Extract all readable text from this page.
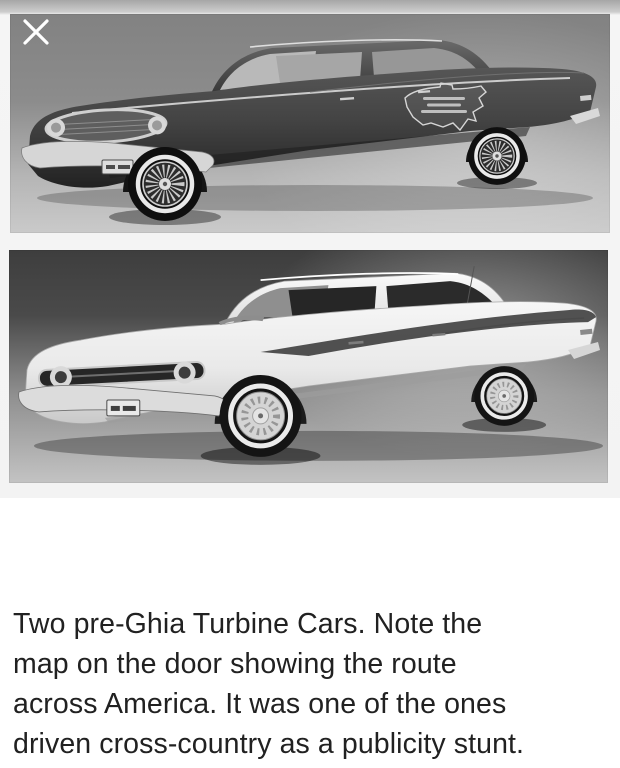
Two pre-Ghia Turbine Cars. Note the
map on the door showing the route
across America. It was one of the ones
driven cross-country as a publicity stunt.
